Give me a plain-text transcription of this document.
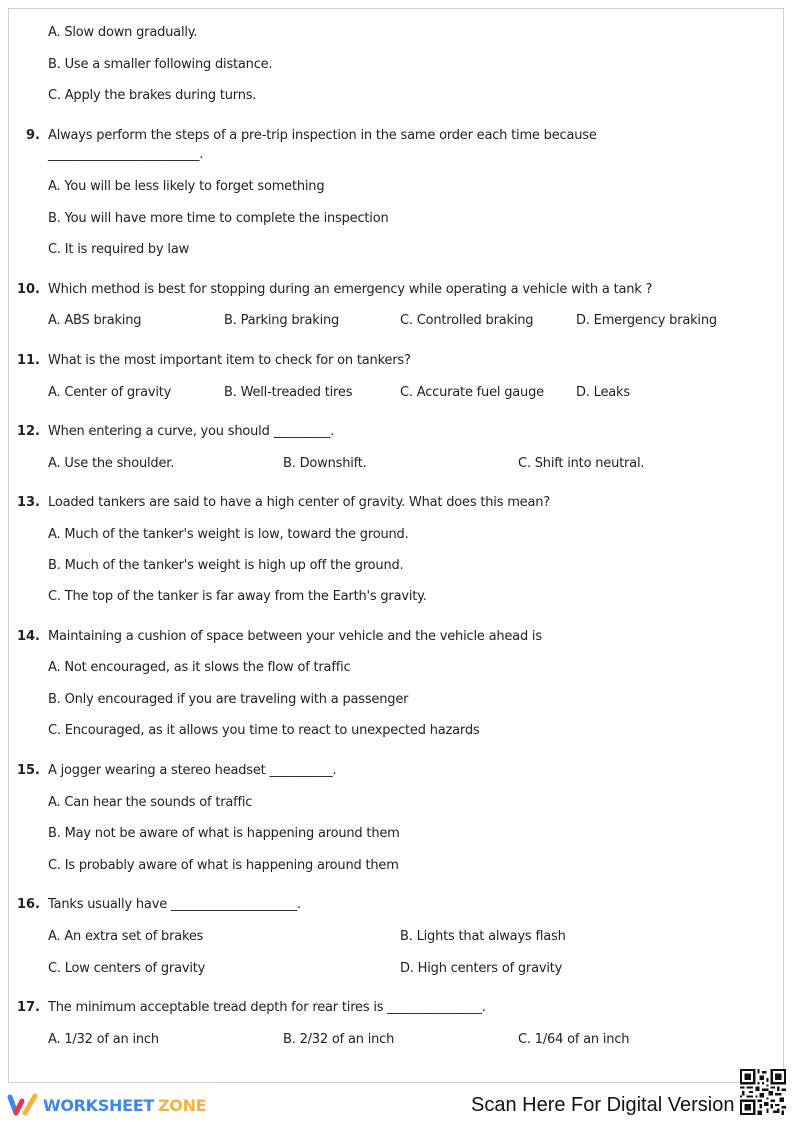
A. Slow down gradually.
B. Use a smaller following distance.
C. Apply the brakes during turns.
9. Always perform the steps of a pre-trip inspection in the same order each time because
________________________.
A. You will be less likely to forget something
B. You will have more time to complete the inspection
C. It is required by law
10. Which method is best for stopping during an emergency while operating a vehicle with a tank ?
A. ABS braking	B. Parking braking	C. Controlled braking	D. Emergency braking
11. What is the most important item to check for on tankers?
A. Center of gravity	B. Well-treaded tires	C. Accurate fuel gauge D. Leaks
12. When entering a curve, you should _________.
A. Use the shoulder.	B. Downshift.	C. Shift into neutral.
13. Loaded tankers are said to have a high center of gravity. What does this mean?
A. Much of the tanker's weight is low, toward the ground.
B. Much of the tanker's weight is high up off the ground.
C. The top of the tanker is far away from the Earth's gravity.
14. Maintaining a cushion of space between your vehicle and the vehicle ahead is
A. Not encouraged, as it slows the flow of traffic
B. Only encouraged if you are traveling with a passenger
C. Encouraged, as it allows you time to react to unexpected hazards
15. A jogger wearing a stereo headset __________.
A. Can hear the sounds of traffic
B. May not be aware of what is happening around them
C. Is probably aware of what is happening around them
16. Tanks usually have ____________________.
A. An extra set of brakes	B. Lights that always flash
C. Low centers of gravity	D. High centers of gravity
17. The minimum acceptable tread depth for rear tires is _______________.
A. 1/32 of an inch	B. 2/32 of an inch	C. 1/64 of an inch
WORKSHEET ZONE	Scan Here For Digital Version
